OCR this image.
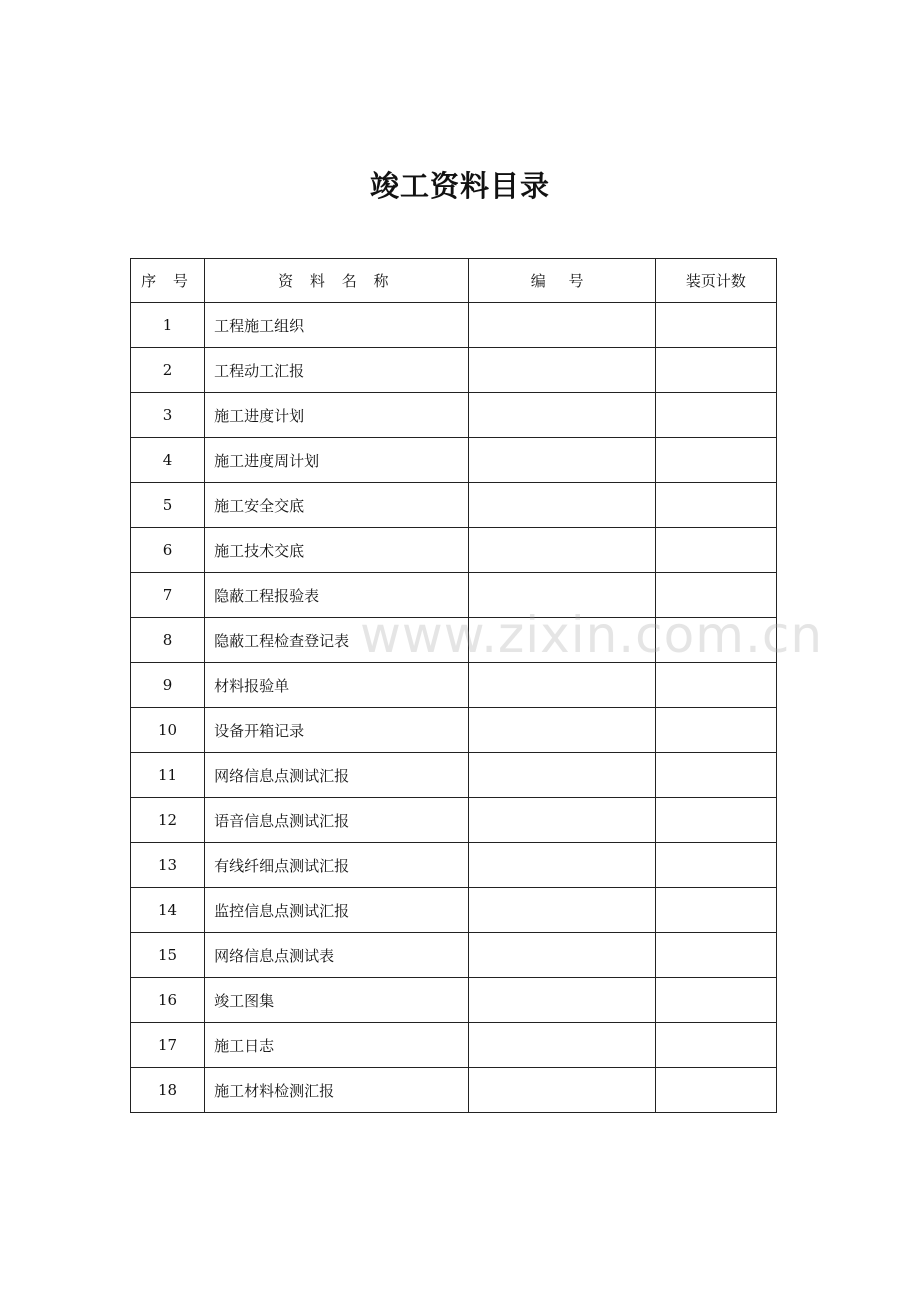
竣工资料目录
序 号	资 料 名 称	编 号	装页计数
1	工程施工组织		
2	工程动工汇报		
3	施工进度计划		
4	施工进度周计划		
5	施工安全交底		
6	施工技术交底		
7	隐蔽工程报验表		
8	隐蔽工程检查登记表		
9	材料报验单		
10	设备开箱记录		
11	网络信息点测试汇报		
12	语音信息点测试汇报		
13	有线纤细点测试汇报		
14	监控信息点测试汇报		
15	网络信息点测试表		
16	竣工图集		
17	施工日志		
18	施工材料检测汇报		
www.zixin.com.cn
